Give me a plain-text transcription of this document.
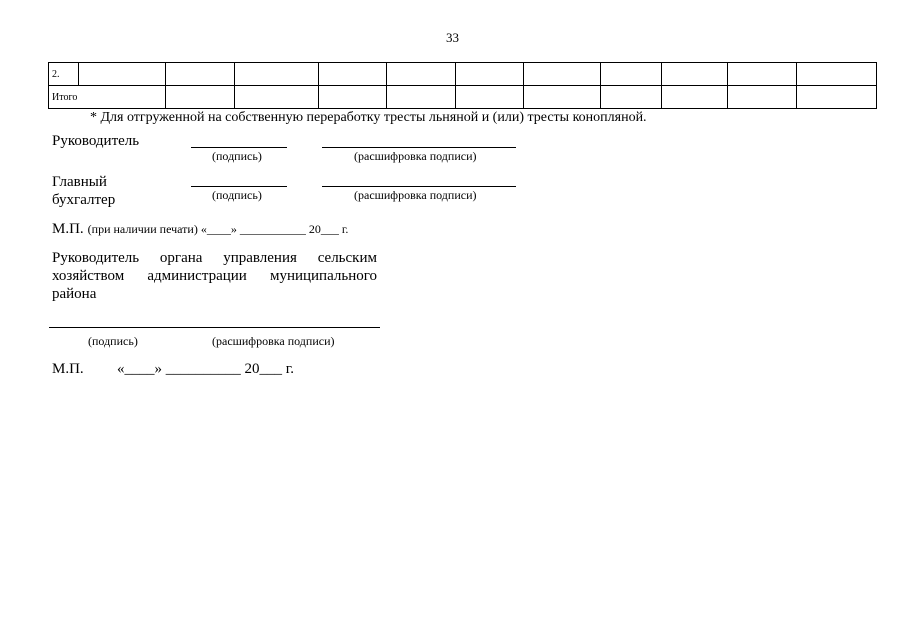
33
2.											
Итого											
* Для отгруженной на собственную переработку тресты льняной и (или) тресты конопляной.
Руководитель
(подпись)	(расшифровка подписи)
Главный
бухгалтер	(подпись)	(расшифровка подписи)
М.П. (при наличии печати) «____» ___________ 20___ г.
Руководитель органа управления сельским хозяйством администрации муниципального района
(подпись)	(расшифровка подписи)
М.П. «____» __________ 20___ г.
